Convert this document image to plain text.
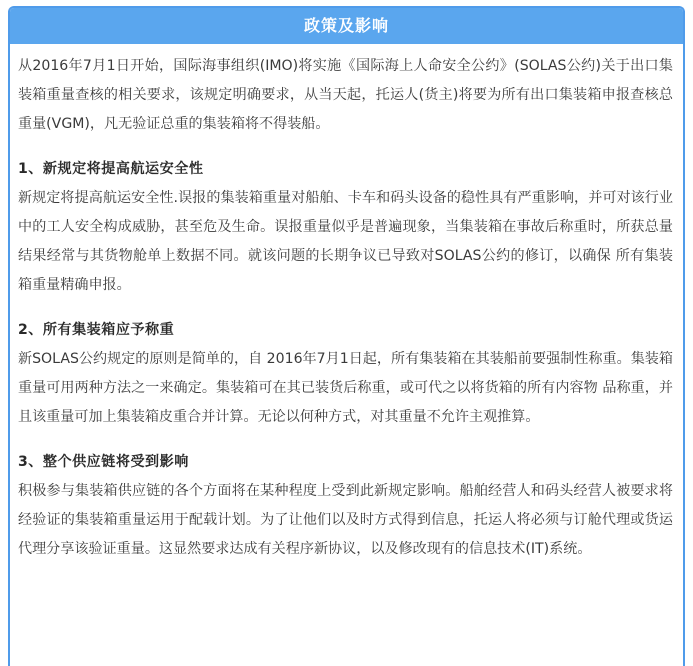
政策及影响

从2016年7月1日开始，国际海事组织(IMO)将实施《国际海上人命安全公约》(SOLAS公约)关于出口集装箱重量查核的相关要求，该规定明确要求，从当天起，托运人(货主)将要为所有出口集装箱申报查核总重量(VGM)，凡无验证总重的集装箱将不得装船。

1、新规定将提高航运安全性

新规定将提高航运安全性.误报的集装箱重量对船舶、卡车和码头设备的稳性具有严重影响，并可对该行业中的工人安全构成威胁，甚至危及生命。误报重量似乎是普遍现象，当集装箱在事故后称重时，所获总量结果经常与其货物舱单上数据不同。就该问题的长期争议已导致对SOLAS公约的修订，以确保 所有集装箱重量精确申报。

2、所有集装箱应予称重

新SOLAS公约规定的原则是简单的，自 2016年7月1日起，所有集装箱在其装船前要强制性称重。集装箱重量可用两种方法之一来确定。集装箱可在其已装货后称重，或可代之以将货箱的所有内容物 品称重，并且该重量可加上集装箱皮重合并计算。无论以何种方式，对其重量不允许主观推算。

3、整个供应链将受到影响

积极参与集装箱供应链的各个方面将在某种程度上受到此新规定影响。船舶经营人和码头经营人被要求将经验证的集装箱重量运用于配载计划。为了让他们以及时方式得到信息，托运人将必须与订舱代理或货运代理分享该验证重量。这显然要求达成有关程序新协议，以及修改现有的信息技术(IT)系统。
